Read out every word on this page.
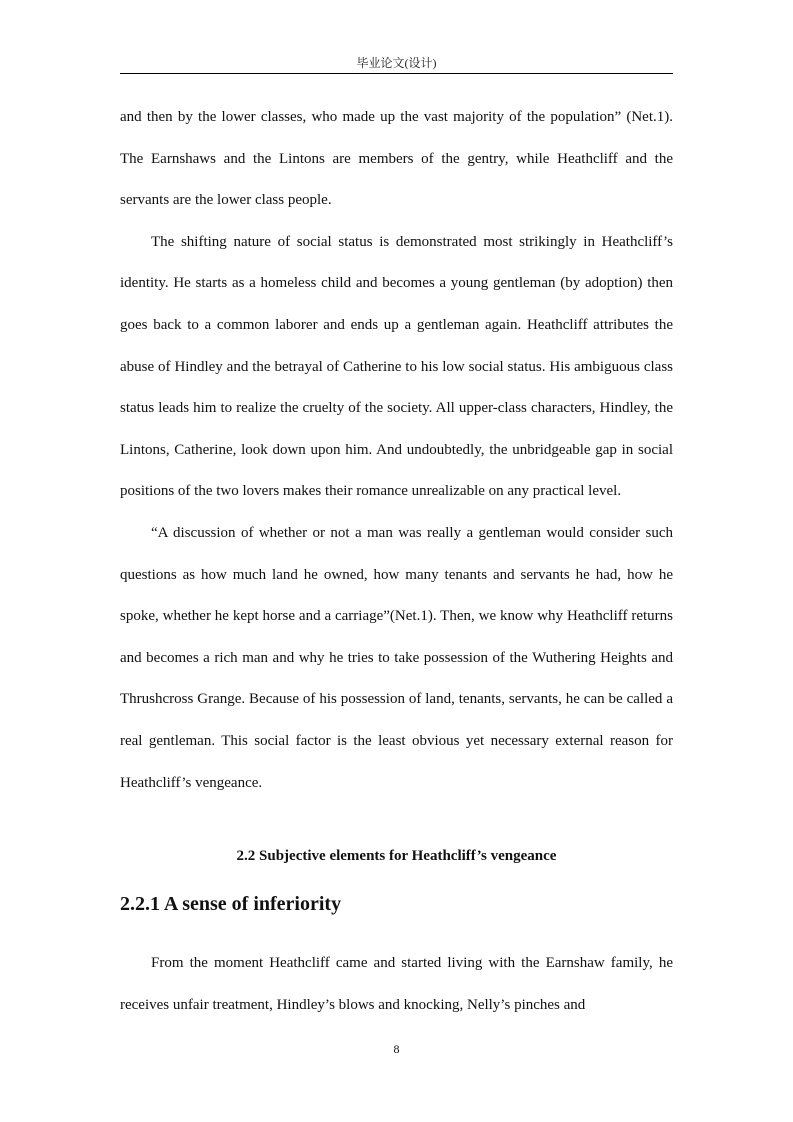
毕业论文(设计)

and then by the lower classes, who made up the vast majority of the population” (Net.1). The Earnshaws and the Lintons are members of the gentry, while Heathcliff and the servants are the lower class people.

The shifting nature of social status is demonstrated most strikingly in Heathcliff’s identity. He starts as a homeless child and becomes a young gentleman (by adoption) then goes back to a common laborer and ends up a gentleman again. Heathcliff attributes the abuse of Hindley and the betrayal of Catherine to his low social status. His ambiguous class status leads him to realize the cruelty of the society. All upper-class characters, Hindley, the Lintons, Catherine, look down upon him. And undoubtedly, the unbridgeable gap in social positions of the two lovers makes their romance unrealizable on any practical level.

“A discussion of whether or not a man was really a gentleman would consider such questions as how much land he owned, how many tenants and servants he had, how he spoke, whether he kept horse and a carriage”(Net.1). Then, we know why Heathcliff returns and becomes a rich man and why he tries to take possession of the Wuthering Heights and Thrushcross Grange. Because of his possession of land, tenants, servants, he can be called a real gentleman. This social factor is the least obvious yet necessary external reason for Heathcliff’s vengeance.

2.2 Subjective elements for Heathcliff’s vengeance
2.2.1 A sense of inferiority

From the moment Heathcliff came and started living with the Earnshaw family, he receives unfair treatment, Hindley’s blows and knocking, Nelly’s pinches and

8
